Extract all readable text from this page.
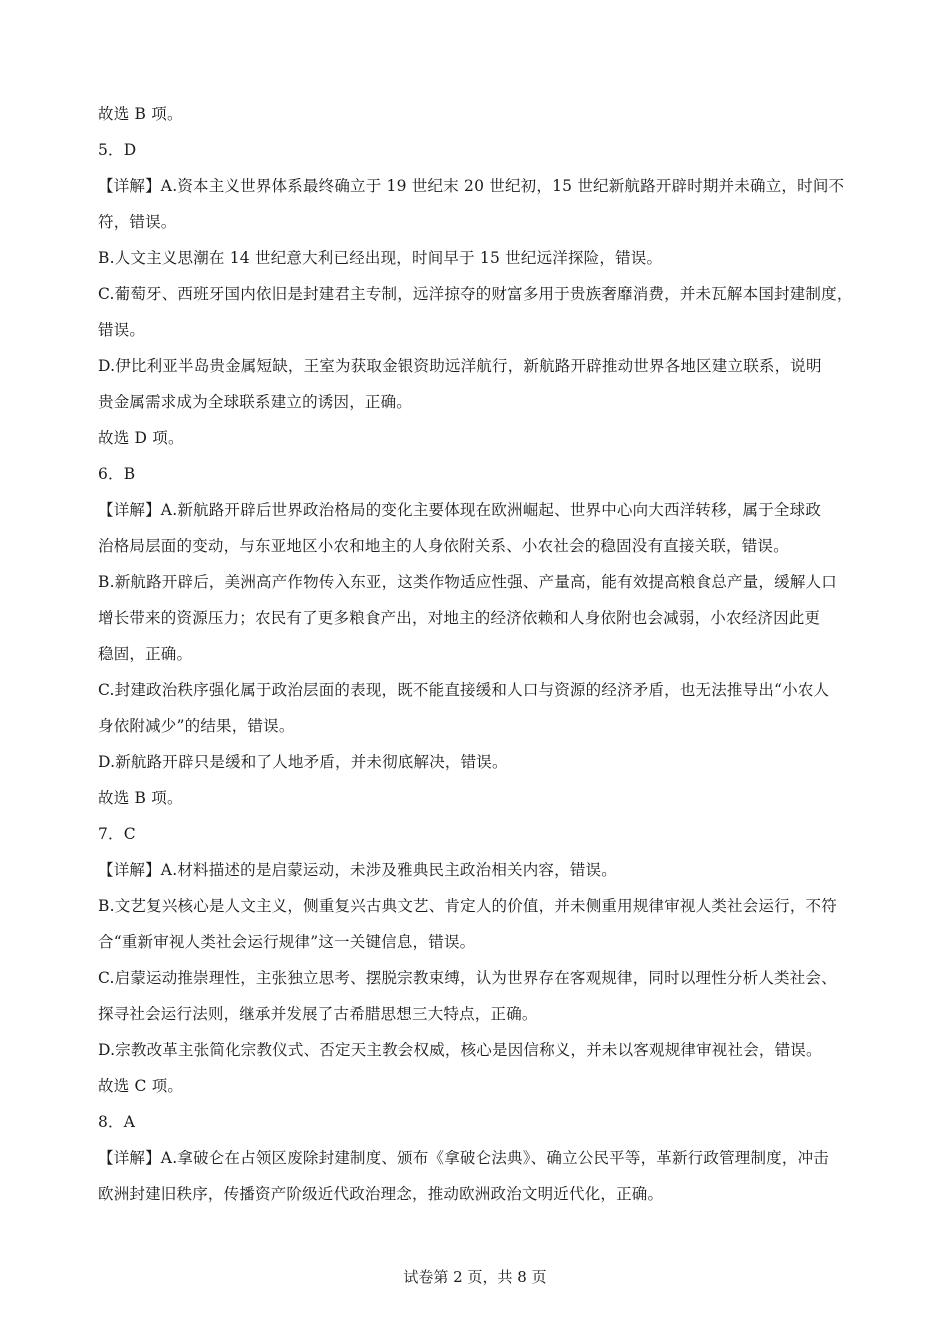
故选 B 项。
5．D
【详解】A.资本主义世界体系最终确立于 19 世纪末 20 世纪初，15 世纪新航路开辟时期并未确立，时间不
符，错误。
B.人文主义思潮在 14 世纪意大利已经出现，时间早于 15 世纪远洋探险，错误。
C.葡萄牙、西班牙国内依旧是封建君主专制，远洋掠夺的财富多用于贵族奢靡消费，并未瓦解本国封建制度，
错误。
D.伊比利亚半岛贵金属短缺，王室为获取金银资助远洋航行，新航路开辟推动世界各地区建立联系，说明
贵金属需求成为全球联系建立的诱因，正确。
故选 D 项。
6．B
【详解】A.新航路开辟后世界政治格局的变化主要体现在欧洲崛起、世界中心向大西洋转移，属于全球政
治格局层面的变动，与东亚地区小农和地主的人身依附关系、小农社会的稳固没有直接关联，错误。
B.新航路开辟后，美洲高产作物传入东亚，这类作物适应性强、产量高，能有效提高粮食总产量，缓解人口
增长带来的资源压力；农民有了更多粮食产出，对地主的经济依赖和人身依附也会减弱，小农经济因此更
稳固，正确。
C.封建政治秩序强化属于政治层面的表现，既不能直接缓和人口与资源的经济矛盾，也无法推导出“小农人
身依附减少”的结果，错误。
D.新航路开辟只是缓和了人地矛盾，并未彻底解决，错误。
故选 B 项。
7．C
【详解】A.材料描述的是启蒙运动，未涉及雅典民主政治相关内容，错误。
B.文艺复兴核心是人文主义，侧重复兴古典文艺、肯定人的价值，并未侧重用规律审视人类社会运行，不符
合“重新审视人类社会运行规律”这一关键信息，错误。
C.启蒙运动推崇理性，主张独立思考、摆脱宗教束缚，认为世界存在客观规律，同时以理性分析人类社会、
探寻社会运行法则，继承并发展了古希腊思想三大特点，正确。
D.宗教改革主张简化宗教仪式、否定天主教会权威，核心是因信称义，并未以客观规律审视社会，错误。
故选 C 项。
8．A
【详解】A.拿破仑在占领区废除封建制度、颁布《拿破仑法典》、确立公民平等，革新行政管理制度，冲击
欧洲封建旧秩序，传播资产阶级近代政治理念，推动欧洲政治文明近代化，正确。
试卷第 2 页，共 8 页
